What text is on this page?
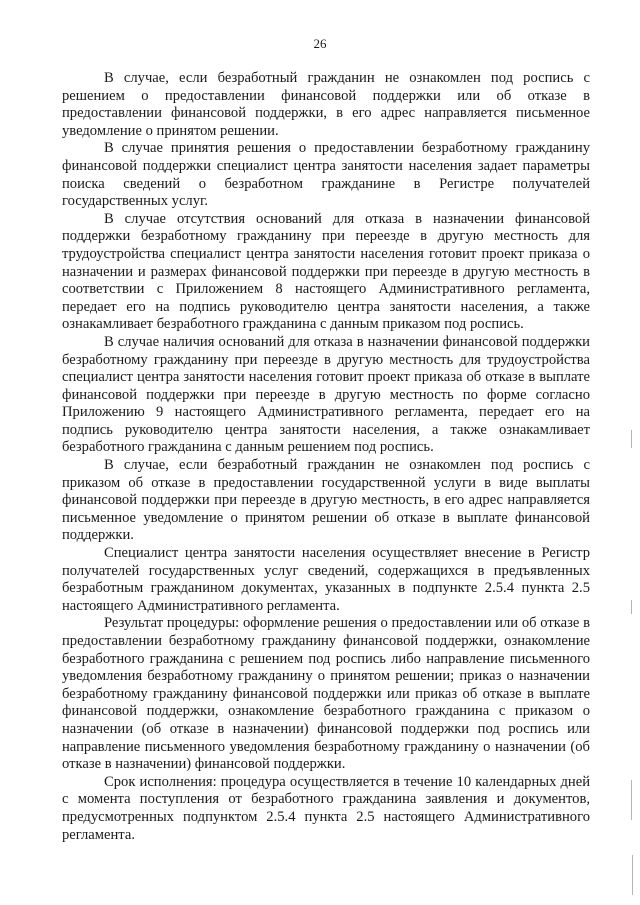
26

В случае, если безработный гражданин не ознакомлен под роспись с решением о предоставлении финансовой поддержки или об отказе в предоставлении финансовой поддержки, в его адрес направляется письменное уведомление о принятом решении.

В случае принятия решения о предоставлении безработному гражданину финансовой поддержки специалист центра занятости населения задает параметры поиска сведений о безработном гражданине в Регистре получателей государственных услуг.

В случае отсутствия оснований для отказа в назначении финансовой поддержки безработному гражданину при переезде в другую местность для трудоустройства специалист центра занятости населения готовит проект приказа о назначении и размерах финансовой поддержки при переезде в другую местность в соответствии с Приложением 8 настоящего Административного регламента, передает его на подпись руководителю центра занятости населения, а также ознакамливает безработного гражданина с данным приказом под роспись.

В случае наличия оснований для отказа в назначении финансовой поддержки безработному гражданину при переезде в другую местность для трудоустройства специалист центра занятости населения готовит проект приказа об отказе в выплате финансовой поддержки при переезде в другую местность по форме согласно Приложению 9 настоящего Административного регламента, передает его на подпись руководителю центра занятости населения, а также ознакамливает безработного гражданина с данным решением под роспись.

В случае, если безработный гражданин не ознакомлен под роспись с приказом об отказе в предоставлении государственной услуги в виде выплаты финансовой поддержки при переезде в другую местность, в его адрес направляется письменное уведомление о принятом решении об отказе в выплате финансовой поддержки.

Специалист центра занятости населения осуществляет внесение в Регистр получателей государственных услуг сведений, содержащихся в предъявленных безработным гражданином документах, указанных в подпункте 2.5.4 пункта 2.5 настоящего Административного регламента.

Результат процедуры: оформление решения о предоставлении или об отказе в предоставлении безработному гражданину финансовой поддержки, ознакомление безработного гражданина с решением под роспись либо направление письменного уведомления безработному гражданину о принятом решении; приказ о назначении безработному гражданину финансовой поддержки или приказ об отказе в выплате финансовой поддержки, ознакомление безработного гражданина с приказом о назначении (об отказе в назначении) финансовой поддержки под роспись или направление письменного уведомления безработному гражданину о назначении (об отказе в назначении) финансовой поддержки.

Срок исполнения: процедура осуществляется в течение 10 календарных дней с момента поступления от безработного гражданина заявления и документов, предусмотренных подпунктом 2.5.4 пункта 2.5 настоящего Административного регламента.
